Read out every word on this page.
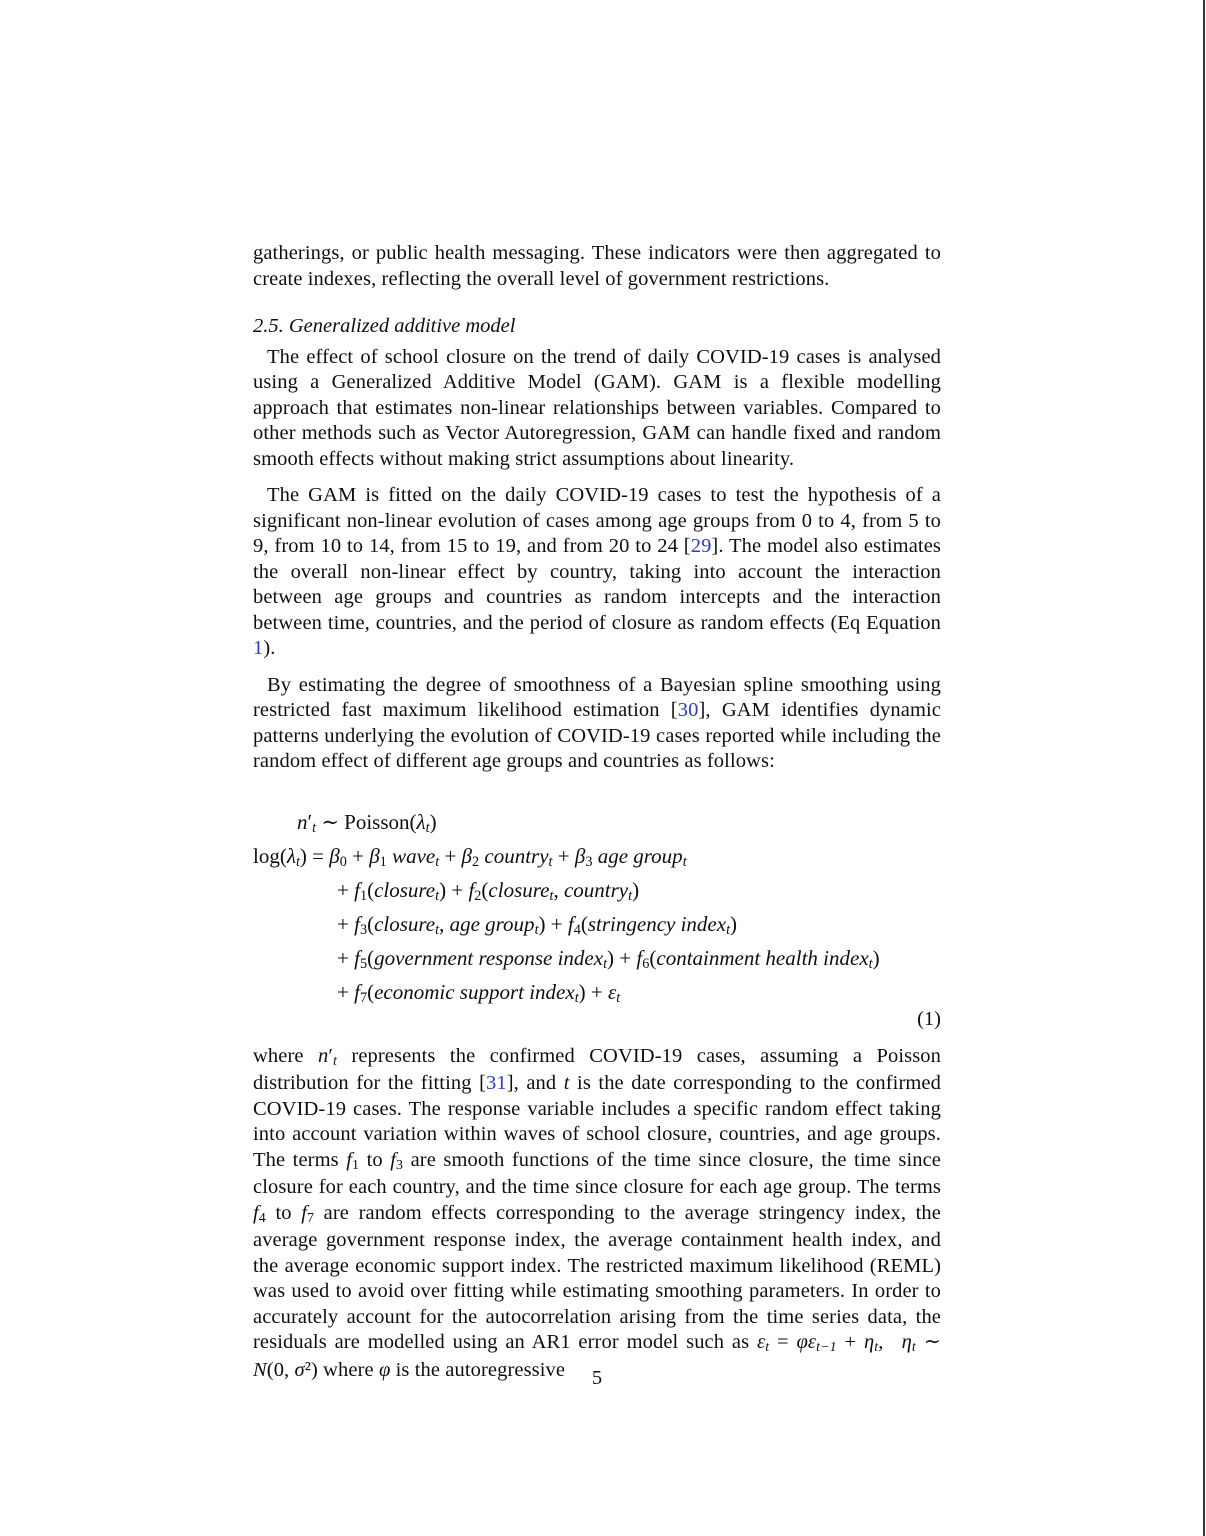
gatherings, or public health messaging. These indicators were then aggregated to create indexes, reflecting the overall level of government restrictions.

2.5. Generalized additive model

The effect of school closure on the trend of daily COVID-19 cases is analysed using a Generalized Additive Model (GAM). GAM is a flexible modelling approach that estimates non-linear relationships between variables. Compared to other methods such as Vector Autoregression, GAM can handle fixed and random smooth effects without making strict assumptions about linearity.

The GAM is fitted on the daily COVID-19 cases to test the hypothesis of a significant non-linear evolution of cases among age groups from 0 to 4, from 5 to 9, from 10 to 14, from 15 to 19, and from 20 to 24 [29]. The model also estimates the overall non-linear effect by country, taking into account the interaction between age groups and countries as random intercepts and the interaction between time, countries, and the period of closure as random effects (Eq Equation 1).

By estimating the degree of smoothness of a Bayesian spline smoothing using restricted fast maximum likelihood estimation [30], GAM identifies dynamic patterns underlying the evolution of COVID-19 cases reported while including the random effect of different age groups and countries as follows:

n′t ∼ Poisson(λt)
log(λt) = β0 + β1 wavet + β2 countryt + β3 age groupt
+ f1(closuret) + f2(closuret, countryt)
+ f3(closuret, age groupt) + f4(stringency indext)
+ f5(government response indext) + f6(containment health indext)
+ f7(economic support indext) + εt
(1)

where n′t represents the confirmed COVID-19 cases, assuming a Poisson distribution for the fitting [31], and t is the date corresponding to the confirmed COVID-19 cases. The response variable includes a specific random effect taking into account variation within waves of school closure, countries, and age groups. The terms f1 to f3 are smooth functions of the time since closure, the time since closure for each country, and the time since closure for each age group. The terms f4 to f7 are random effects corresponding to the average stringency index, the average government response index, the average containment health index, and the average economic support index. The restricted maximum likelihood (REML) was used to avoid over fitting while estimating smoothing parameters. In order to accurately account for the autocorrelation arising from the time series data, the residuals are modelled using an AR1 error model such as εt = φεt−1 + ηt,  ηt ∼ N(0, σ²) where φ is the autoregressive	5
